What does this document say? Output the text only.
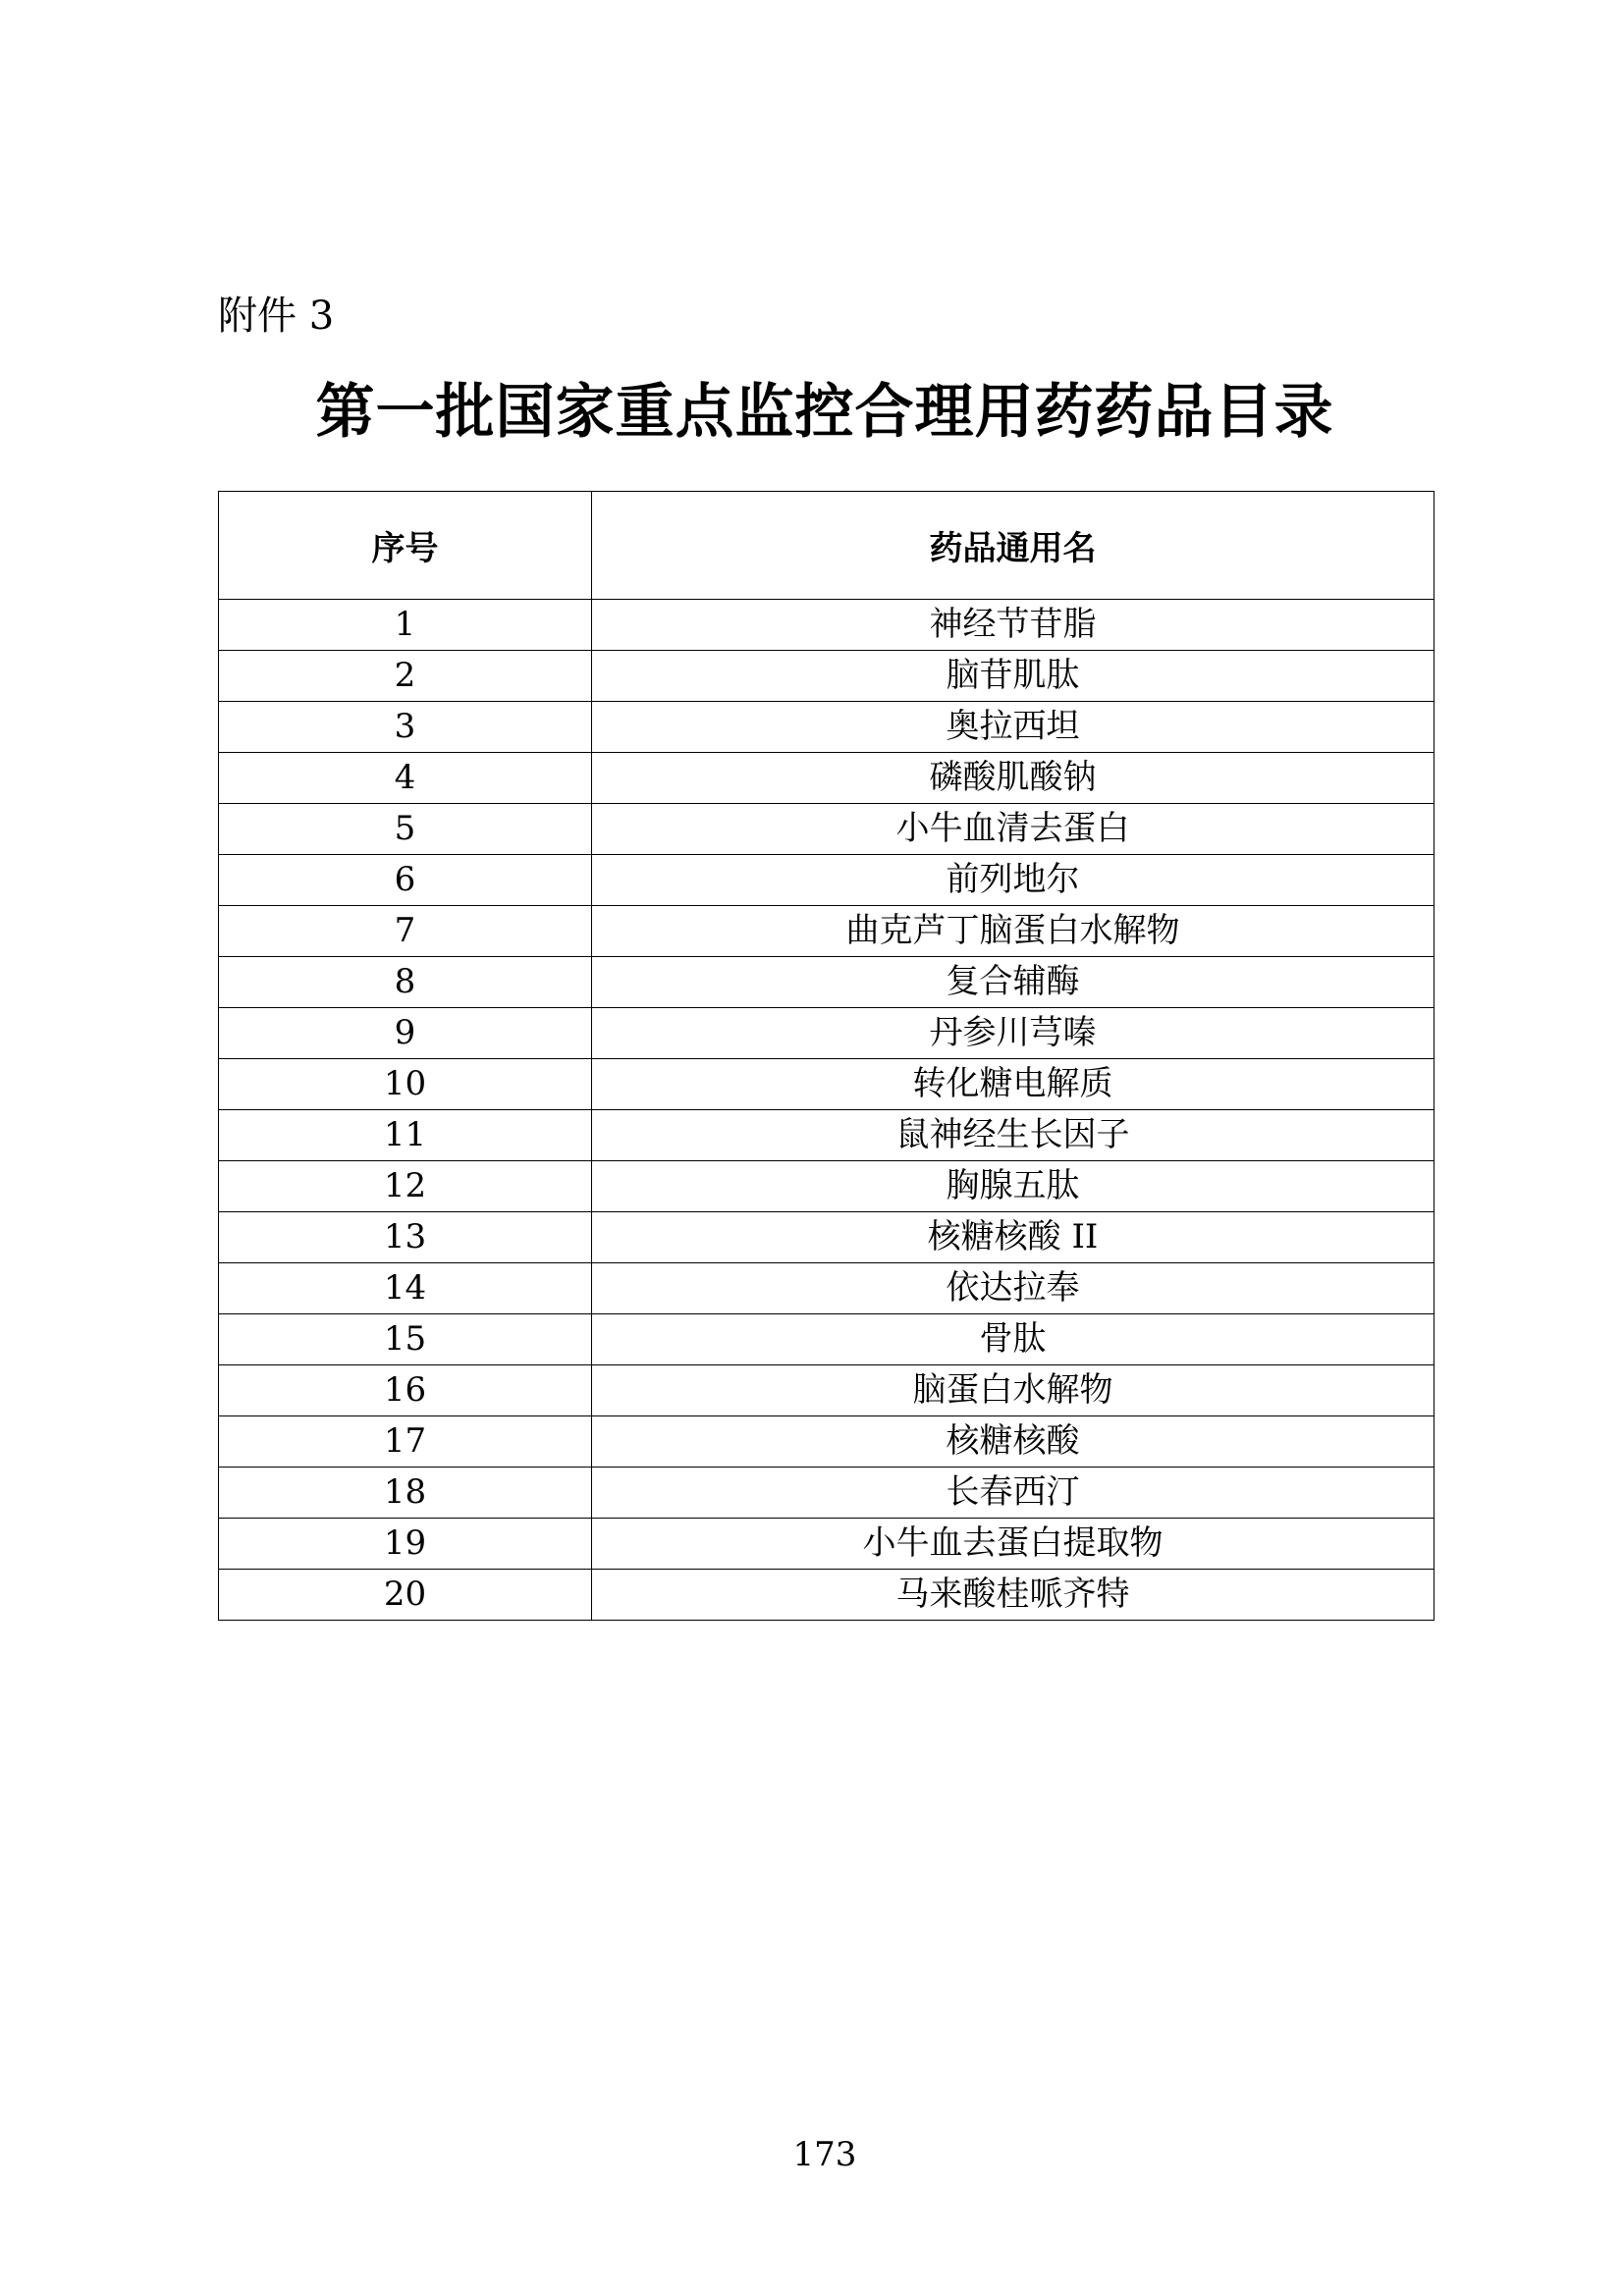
附件 3
第一批国家重点监控合理用药药品目录
序号	药品通用名
1	神经节苷脂
2	脑苷肌肽
3	奥拉西坦
4	磷酸肌酸钠
5	小牛血清去蛋白
6	前列地尔
7	曲克芦丁脑蛋白水解物
8	复合辅酶
9	丹参川芎嗪
10	转化糖电解质
11	鼠神经生长因子
12	胸腺五肽
13	核糖核酸 II
14	依达拉奉
15	骨肽
16	脑蛋白水解物
17	核糖核酸
18	长春西汀
19	小牛血去蛋白提取物
20	马来酸桂哌齐特
173
